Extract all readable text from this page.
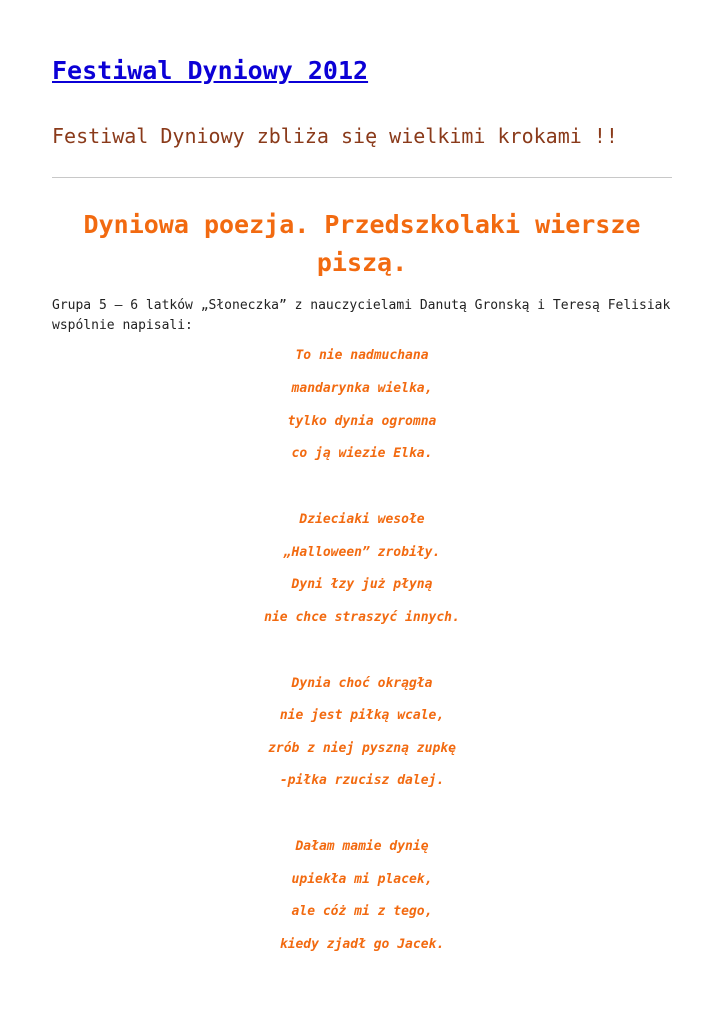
Festiwal Dyniowy 2012
Festiwal Dyniowy zbliża się wielkimi krokami !!
Dyniowa poezja. Przedszkolaki wiersze piszą.

Grupa 5 – 6 latków „Słoneczka” z nauczycielami Danutą Gronską i Teresą Felisiak wspólnie napisali:

To nie nadmuchana

mandarynka wielka,

tylko dynia ogromna

co ją wiezie Elka.

Dzieciaki wesołe

„Halloween” zrobiły.

Dyni łzy już płyną

nie chce straszyć innych.

Dynia choć okrągła

nie jest piłką wcale,

zrób z niej pyszną zupkę

-piłka rzucisz dalej.

Dałam mamie dynię

upiekła mi placek,

ale cóż mi z tego,

kiedy zjadł go Jacek.
